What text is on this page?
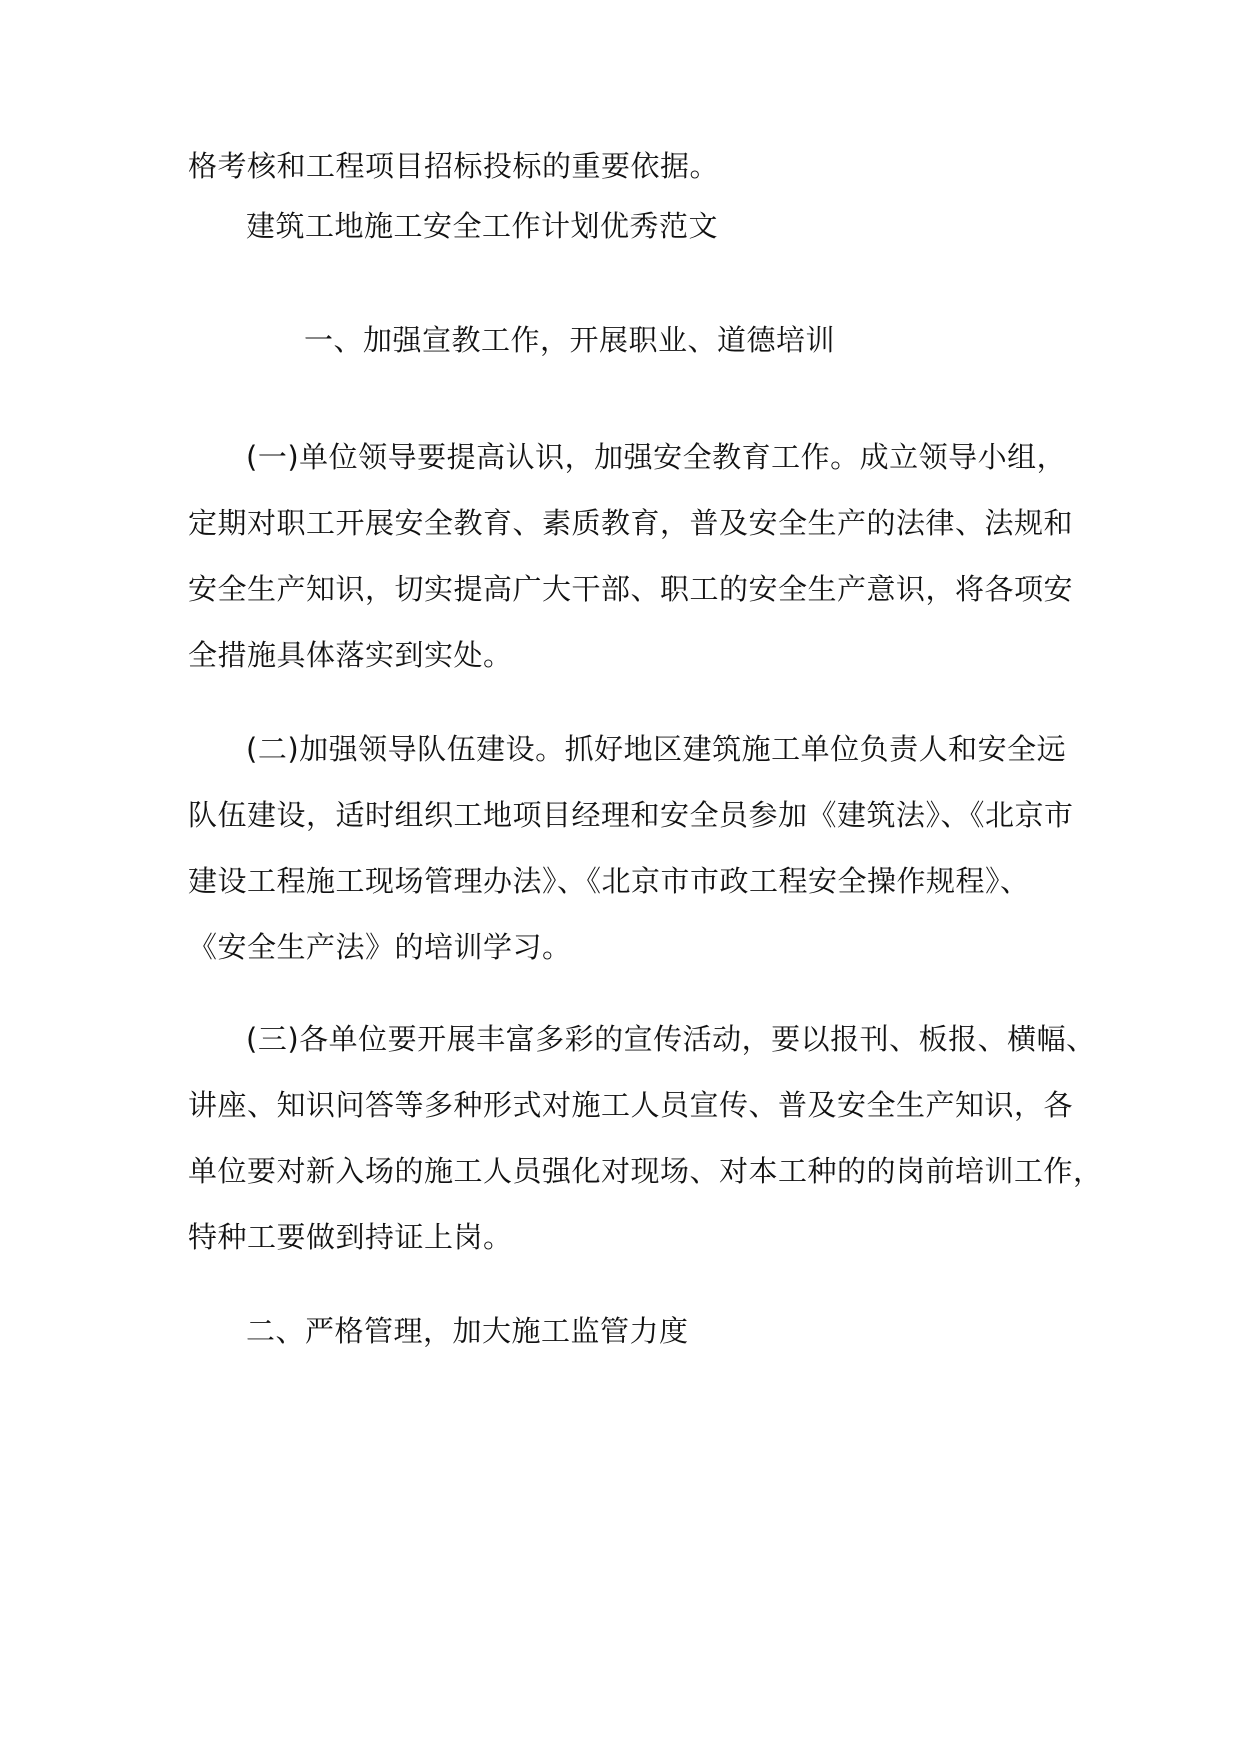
格考核和工程项目招标投标的重要依据。
建筑工地施工安全工作计划优秀范文
一、加强宣教工作，开展职业、道德培训
(一)单位领导要提高认识，加强安全教育工作。成立领导小组，
定期对职工开展安全教育、素质教育，普及安全生产的法律、法规和
安全生产知识，切实提高广大干部、职工的安全生产意识，将各项安
全措施具体落实到实处。
(二)加强领导队伍建设。抓好地区建筑施工单位负责人和安全远
队伍建设，适时组织工地项目经理和安全员参加《建筑法》、《北京市
建设工程施工现场管理办法》、《北京市市政工程安全操作规程》、
《安全生产法》的培训学习。
(三)各单位要开展丰富多彩的宣传活动，要以报刊、板报、横幅、
讲座、知识问答等多种形式对施工人员宣传、普及安全生产知识，各
单位要对新入场的施工人员强化对现场、对本工种的的岗前培训工作，
特种工要做到持证上岗。
二、严格管理，加大施工监管力度
